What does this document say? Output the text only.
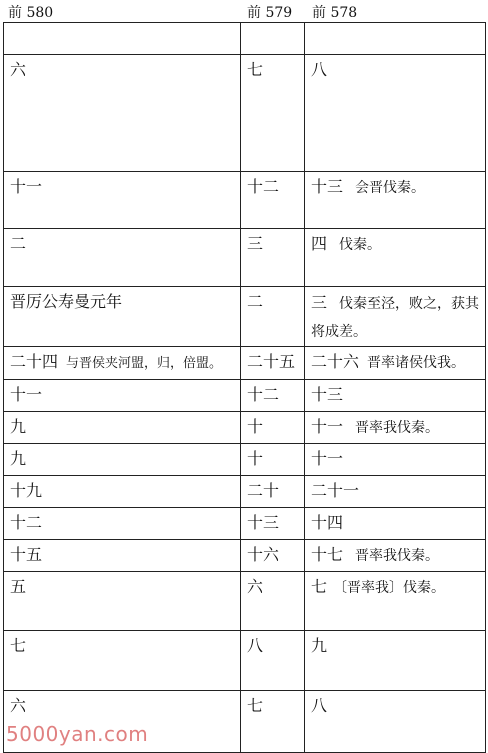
前 580	前 579 前 578

六	七	八
十一	十二	十三 会晋伐秦。
二	三	四 伐秦。
晋厉公寿曼元年	二	三 伐秦至泾，败之，获其将成差。
二十四 与晋侯夹河盟，归，倍盟。	二十五	二十六 晋率诸侯伐我。
十一	十二	十三
九	十	十一 晋率我伐秦。
九	十	十一
十九	二十	二十一
十二	十三	十四
十五	十六	十七 晋率我伐秦。
五	六	七 〔晋率我〕伐秦。
七	八	九
六	七	八
5000yan.com
